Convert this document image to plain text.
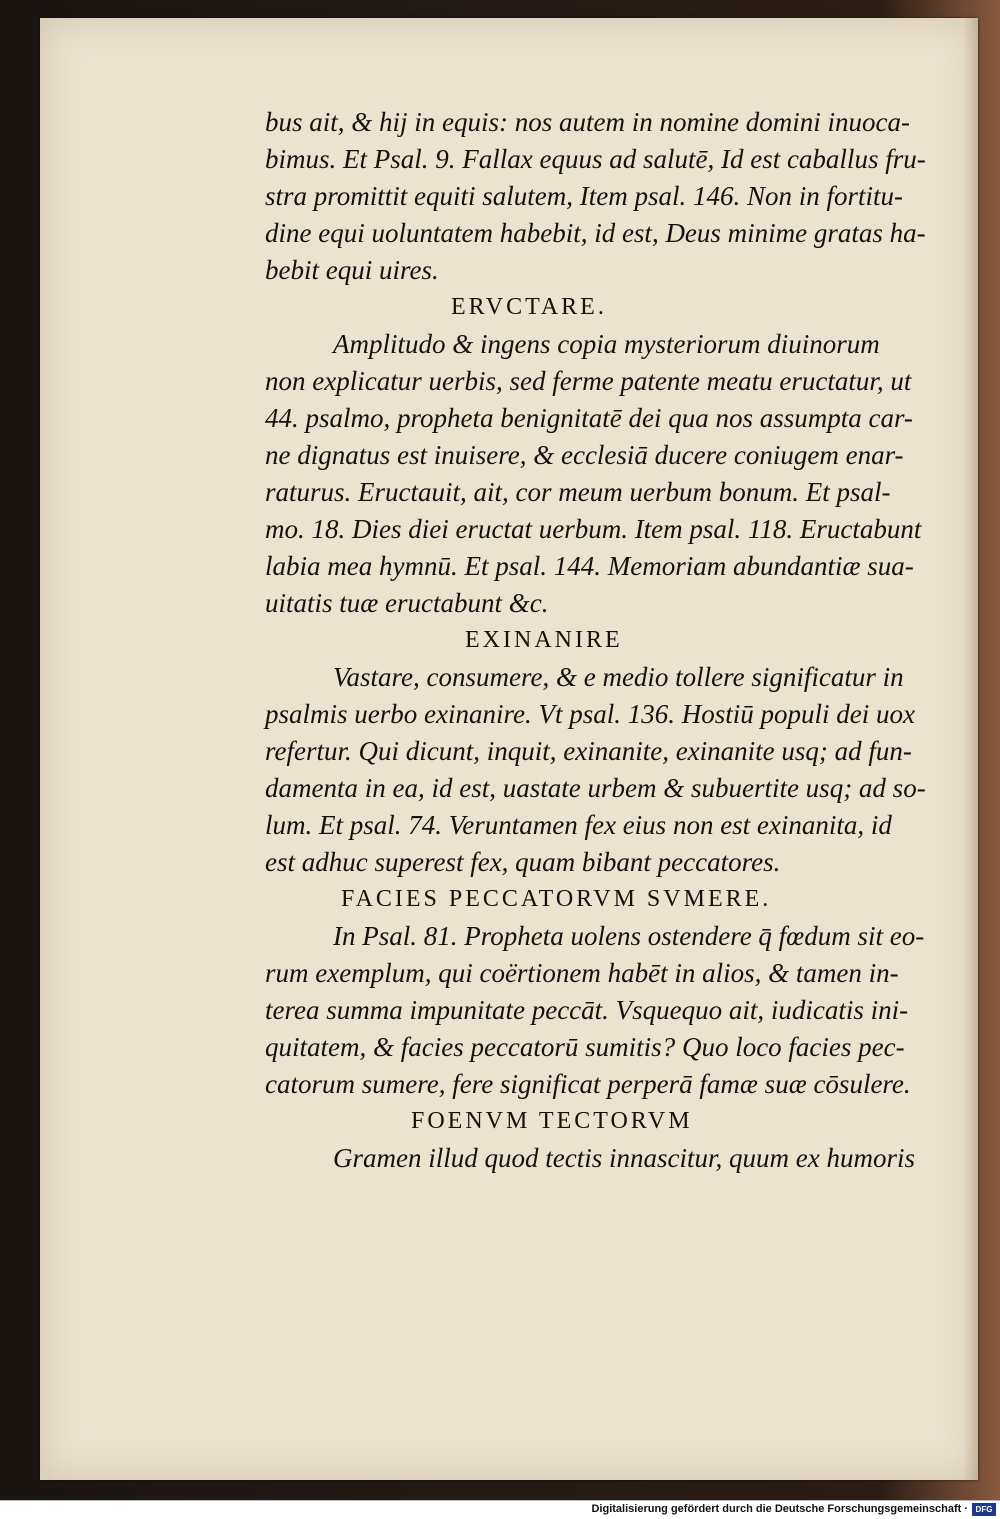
bus ait, & hij in equis: nos autem in nomine domini inuoca-
bimus. Et Psal. 9. Fallax equus ad salutē, Id est caballus fru-
stra promittit equiti salutem, Item psal. 146. Non in fortitu-
dine equi uoluntatem habebit, id est, Deus minime gratas ha-
bebit equi uires.
ERVCTARE.
Amplitudo & ingens copia mysteriorum diuinorum
non explicatur uerbis, sed ferme patente meatu eructatur, ut
44. psalmo, propheta benignitatē dei qua nos assumpta car-
ne dignatus est inuisere, & ecclesiā ducere coniugem enar-
raturus. Eructauit, ait, cor meum uerbum bonum. Et psal-
mo. 18. Dies diei eructat uerbum. Item psal. 118. Eructabunt
labia mea hymnū. Et psal. 144. Memoriam abundantiæ sua-
uitatis tuæ eructabunt &c.
EXINANIRE
Vastare, consumere, & e medio tollere significatur in
psalmis uerbo exinanire. Vt psal. 136. Hostiū populi dei uox
refertur. Qui dicunt, inquit, exinanite, exinanite usq; ad fun-
damenta in ea, id est, uastate urbem & subuertite usq; ad so-
lum. Et psal. 74. Veruntamen fex eius non est exinanita, id
est adhuc superest fex, quam bibant peccatores.
FACIES PECCATORVM SVMERE.
In Psal. 81. Propheta uolens ostendere q̄ fœdum sit eo-
rum exemplum, qui coërtionem habēt in alios, & tamen in-
terea summa impunitate peccāt. Vsquequo ait, iudicatis ini-
quitatem, & facies peccatorū sumitis? Quo loco facies pec-
catorum sumere, fere significat perperā famæ suæ cōsulere.
FOENVM TECTORVM
Gramen illud quod tectis innascitur, quum ex humoris
Digitalisierung gefördert durch die Deutsche Forschungsgemeinschaft · DFG
